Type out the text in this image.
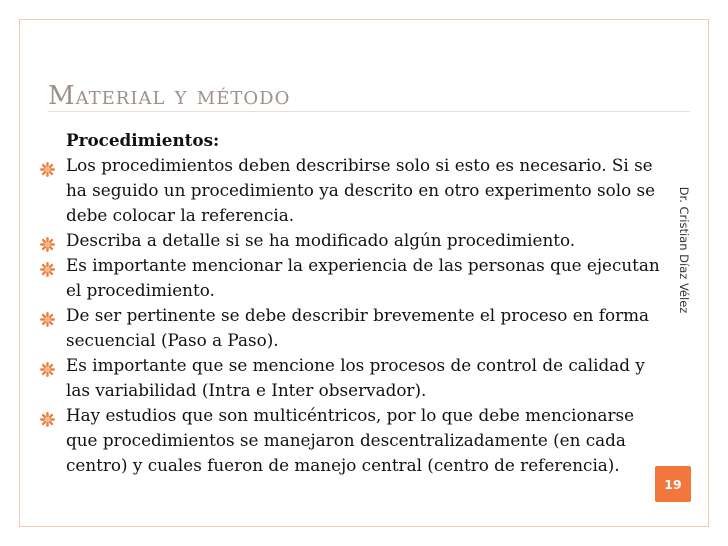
Material y método
Procedimientos:
Los procedimientos deben describirse solo si esto es necesario. Si se ha seguido un procedimiento ya descrito en otro experimento solo se debe colocar la referencia.
Describa a detalle si se ha modificado algún procedimiento.
Es importante mencionar la experiencia de las personas que ejecutan el procedimiento.
De ser pertinente se debe describir brevemente el proceso en forma secuencial (Paso a Paso).
Es importante que se mencione los procesos de control de calidad y las variabilidad (Intra e Inter observador).
Hay estudios que son multicéntricos, por lo que debe mencionarse que procedimientos se manejaron descentralizadamente (en cada centro) y cuales fueron de manejo central (centro de referencia).
Dr. Cristian Díaz Vélez
19
